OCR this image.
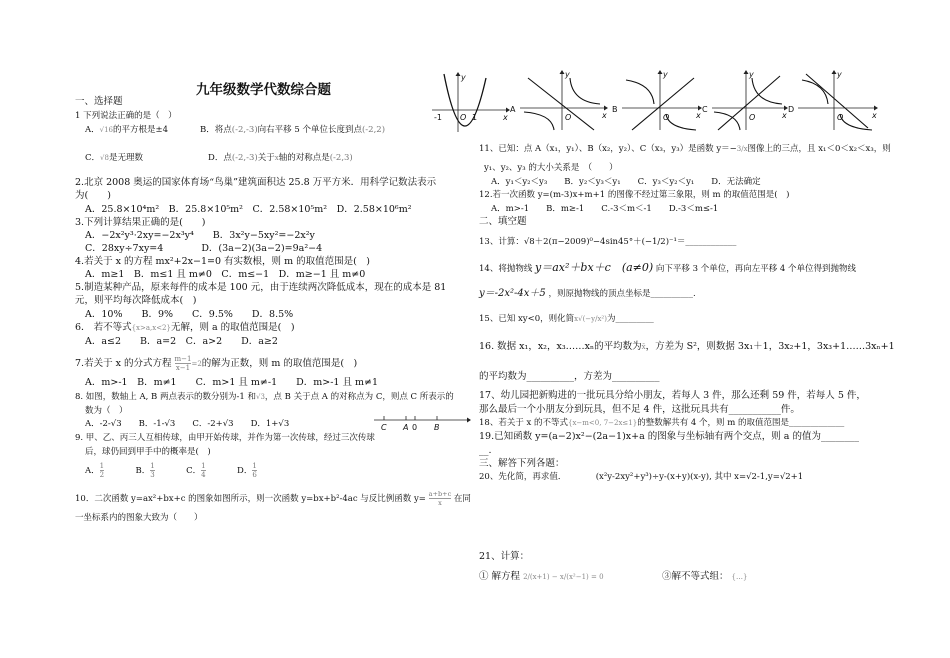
九年级数学代数综合题
一、选择题
1 下列说法正确的是（　）
A．√16的平方根是±4	B．将点(-2,-3)向右平移 5 个单位长度到点(-2,2)
C．√8是无理数	D．点(-2,-3)关于x轴的对称点是(-2,3)
2.北京 2008 奥运的国家体育场“鸟巢”建筑面积达 25.8 万平方米．用科学记数法表示
为(　　)
A．25.8×10⁴m²　B．25.8×10⁵m²　C．2.58×10⁵m²　D．2.58×10⁶m²
3.下列计算结果正确的是(　　)
A．−2x²y³·2xy=−2x³y⁴　　B．3x²y−5xy²=−2x²y
C．28xy÷7xy=4　　　　D．(3a−2)(3a−2)=9a²−4
4.若关于 x 的方程 mx²+2x−1=0 有实数根，则 m 的取值范围是(　)
A．m≥1　B．m≤1 且 m≠0　C．m≤−1　D．m≥−1 且 m≠0
5.制造某种产品，原来每件的成本是 100 元，由于连续两次降低成本，现在的成本是 81
元，则平均每次降低成本(　)
A．10%　　B．9%　　C．9.5%　　D．8.5%
6． 若不等式{x>a,x<2}无解，则 a 的取值范围是(　)
A．a≤2　　B．a=2　C．a>2　　D．a≥2
7.若关于 x 的分式方程 $\frac{m-1}{x-1} =2$的解为正数，则 m 的取值范围是(　)
A．m>-1　B．m≠1　　C．m>1 且 m≠-1　　D．m>-1 且 m≠1
8. 如图，数轴上 A, B 两点表示的数分别为-1 和√3，点 B 关于点 A 的对称点为 C，则点 C 所表示的
数为（　）
A．-2-√3　　B．-1-√3　　C．-2+√3　　D．1+√3	C A 0 B
9. 甲、乙、丙三人互相传球，由甲开始传球，并作为第一次传球，经过三次传球
后，球仍回到甲手中的概率是(　)
A． $\frac{1}{2}$	B． $\frac{1}{3}$	C． $\frac{1}{4}$	D． $\frac{1}{6}$
10．二次函数 y=ax²+bx+c 的图象如图所示，则一次函数 y=bx+b²-4ac 与反比例函数 $y= \frac{a+b+c}{x}$ 在同
一坐标系内的图象大致为（　　）
y
x
-1 O 1
A
y
x
O
B
y
x
O
C
y
x
O
D
y
x
O
11、已知：点 A（x₁，y₁）、B（x₂，y₂）、C（x₃，y₃）是函数 y＝−3/x图像上的三点，且 x₁＜0＜x₂＜x₃，则
y₁、y₂、y₃ 的大小关系是　（　　）
A．y₁＜y₂＜y₃　　B．y₂＜y₃＜y₁　　C．y₃＜y₂＜y₁　　D．无法确定
12.若一次函数 y=(m-3)x+m+1 的图像不经过第三象限，则 m 的取值范围是(　)
A．m>-1　　B．m≥-1　　C.-3＜m＜-1　　D.-3＜m≤-1
二、填空题
13、计算：√8＋2(π−2009)⁰−4sin45°＋(−1/2)⁻¹＝____________
14、将抛物线 y＝ax²＋bx＋c　(a≠0) 向下平移 3 个单位，再向左平移 4 个单位得到抛物线
y＝-2x²-4x＋5 ，则原抛物线的顶点坐标是__________.
15、已知 xy<0，则化简x√(−y/x²)为_________
16. 数据 x₁，x₂，x₃……xₙ的平均数为x̄，方差为 S²，则数据 3x₁＋1，3x₂+1，3x₃+1……3xₙ+1
的平均数为__________，方差为__________
17、幼儿园把新购进的一批玩具分给小朋友，若每人 3 件，那么还剩 59 件，若每人 5 件，
那么最后一个小朋友分到玩具，但不足 4 件，这批玩具共有___________件。
18、若关于 x 的不等式{x−m<0, 7−2x≤1}的整数解共有 4 个，则 m 的取值范围是_____________
19.已知函数 y=(a−2)x²−(2a−1)x+a 的图象与坐标轴有两个交点，则 a 的值为________
__.
三、解答下列各题：
20、先化简，再求值．	(x²y-2xy²+y³)÷y-(x+y)(x-y), 其中 x=√2-1,y=√2+1
21、计算：
① 解方程 2/(x+1) − x/(x²−1) = 0	③解不等式组： {…}
